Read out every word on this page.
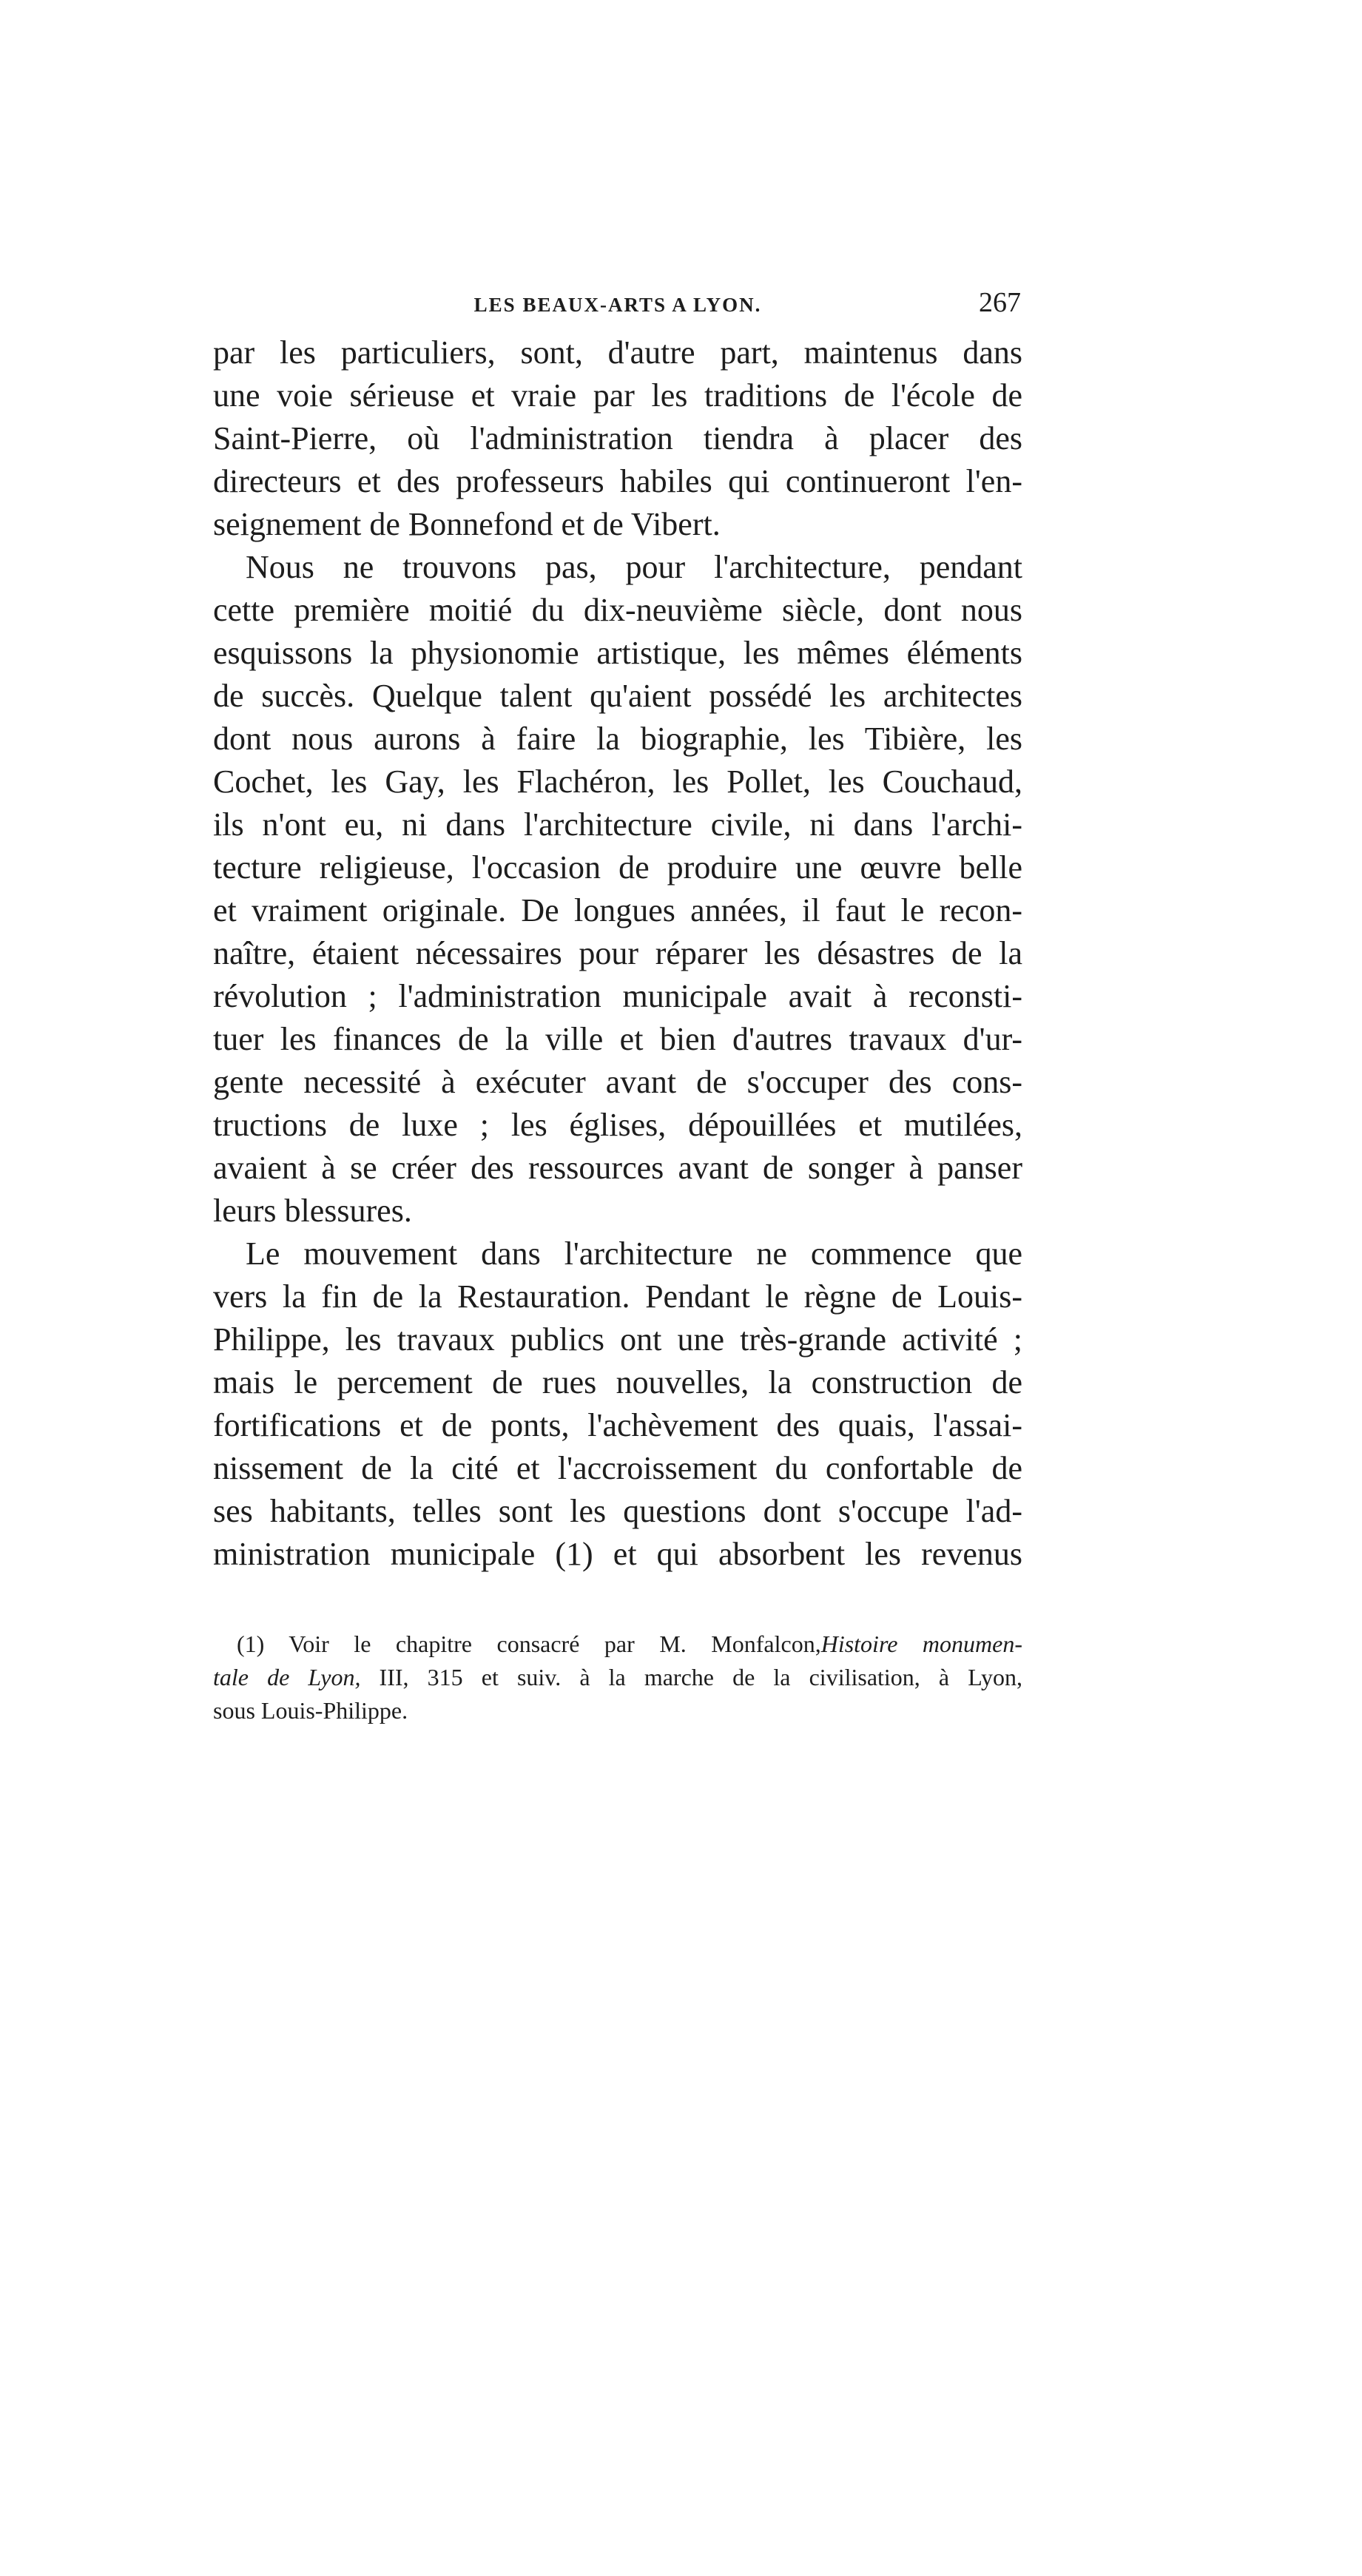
LES BEAUX-ARTS A LYON.	267
par les particuliers, sont, d'autre part, maintenus dans
une voie sérieuse et vraie par les traditions de l'école de
Saint-Pierre, où l'administration tiendra à placer des
directeurs et des professeurs habiles qui continueront l'en-
seignement de Bonnefond et de Vibert.
Nous ne trouvons pas, pour l'architecture, pendant
cette première moitié du dix-neuvième siècle, dont nous
esquissons la physionomie artistique, les mêmes éléments
de succès. Quelque talent qu'aient possédé les architectes
dont nous aurons à faire la biographie, les Tibière, les
Cochet, les Gay, les Flachéron, les Pollet, les Couchaud,
ils n'ont eu, ni dans l'architecture civile, ni dans l'archi-
tecture religieuse, l'occasion de produire une œuvre belle
et vraiment originale. De longues années, il faut le recon-
naître, étaient nécessaires pour réparer les désastres de la
révolution ; l'administration municipale avait à reconsti-
tuer les finances de la ville et bien d'autres travaux d'ur-
gente necessité à exécuter avant de s'occuper des cons-
tructions de luxe ; les églises, dépouillées et mutilées,
avaient à se créer des ressources avant de songer à panser
leurs blessures.
Le mouvement dans l'architecture ne commence que
vers la fin de la Restauration. Pendant le règne de Louis-
Philippe, les travaux publics ont une très-grande activité ;
mais le percement de rues nouvelles, la construction de
fortifications et de ponts, l'achèvement des quais, l'assai-
nissement de la cité et l'accroissement du confortable de
ses habitants, telles sont les questions dont s'occupe l'ad-
ministration municipale (1) et qui absorbent les revenus
(1) Voir le chapitre consacré par M. Monfalcon,Histoire monumen-
tale de Lyon, III, 315 et suiv. à la marche de la civilisation, à Lyon,
sous Louis-Philippe.
